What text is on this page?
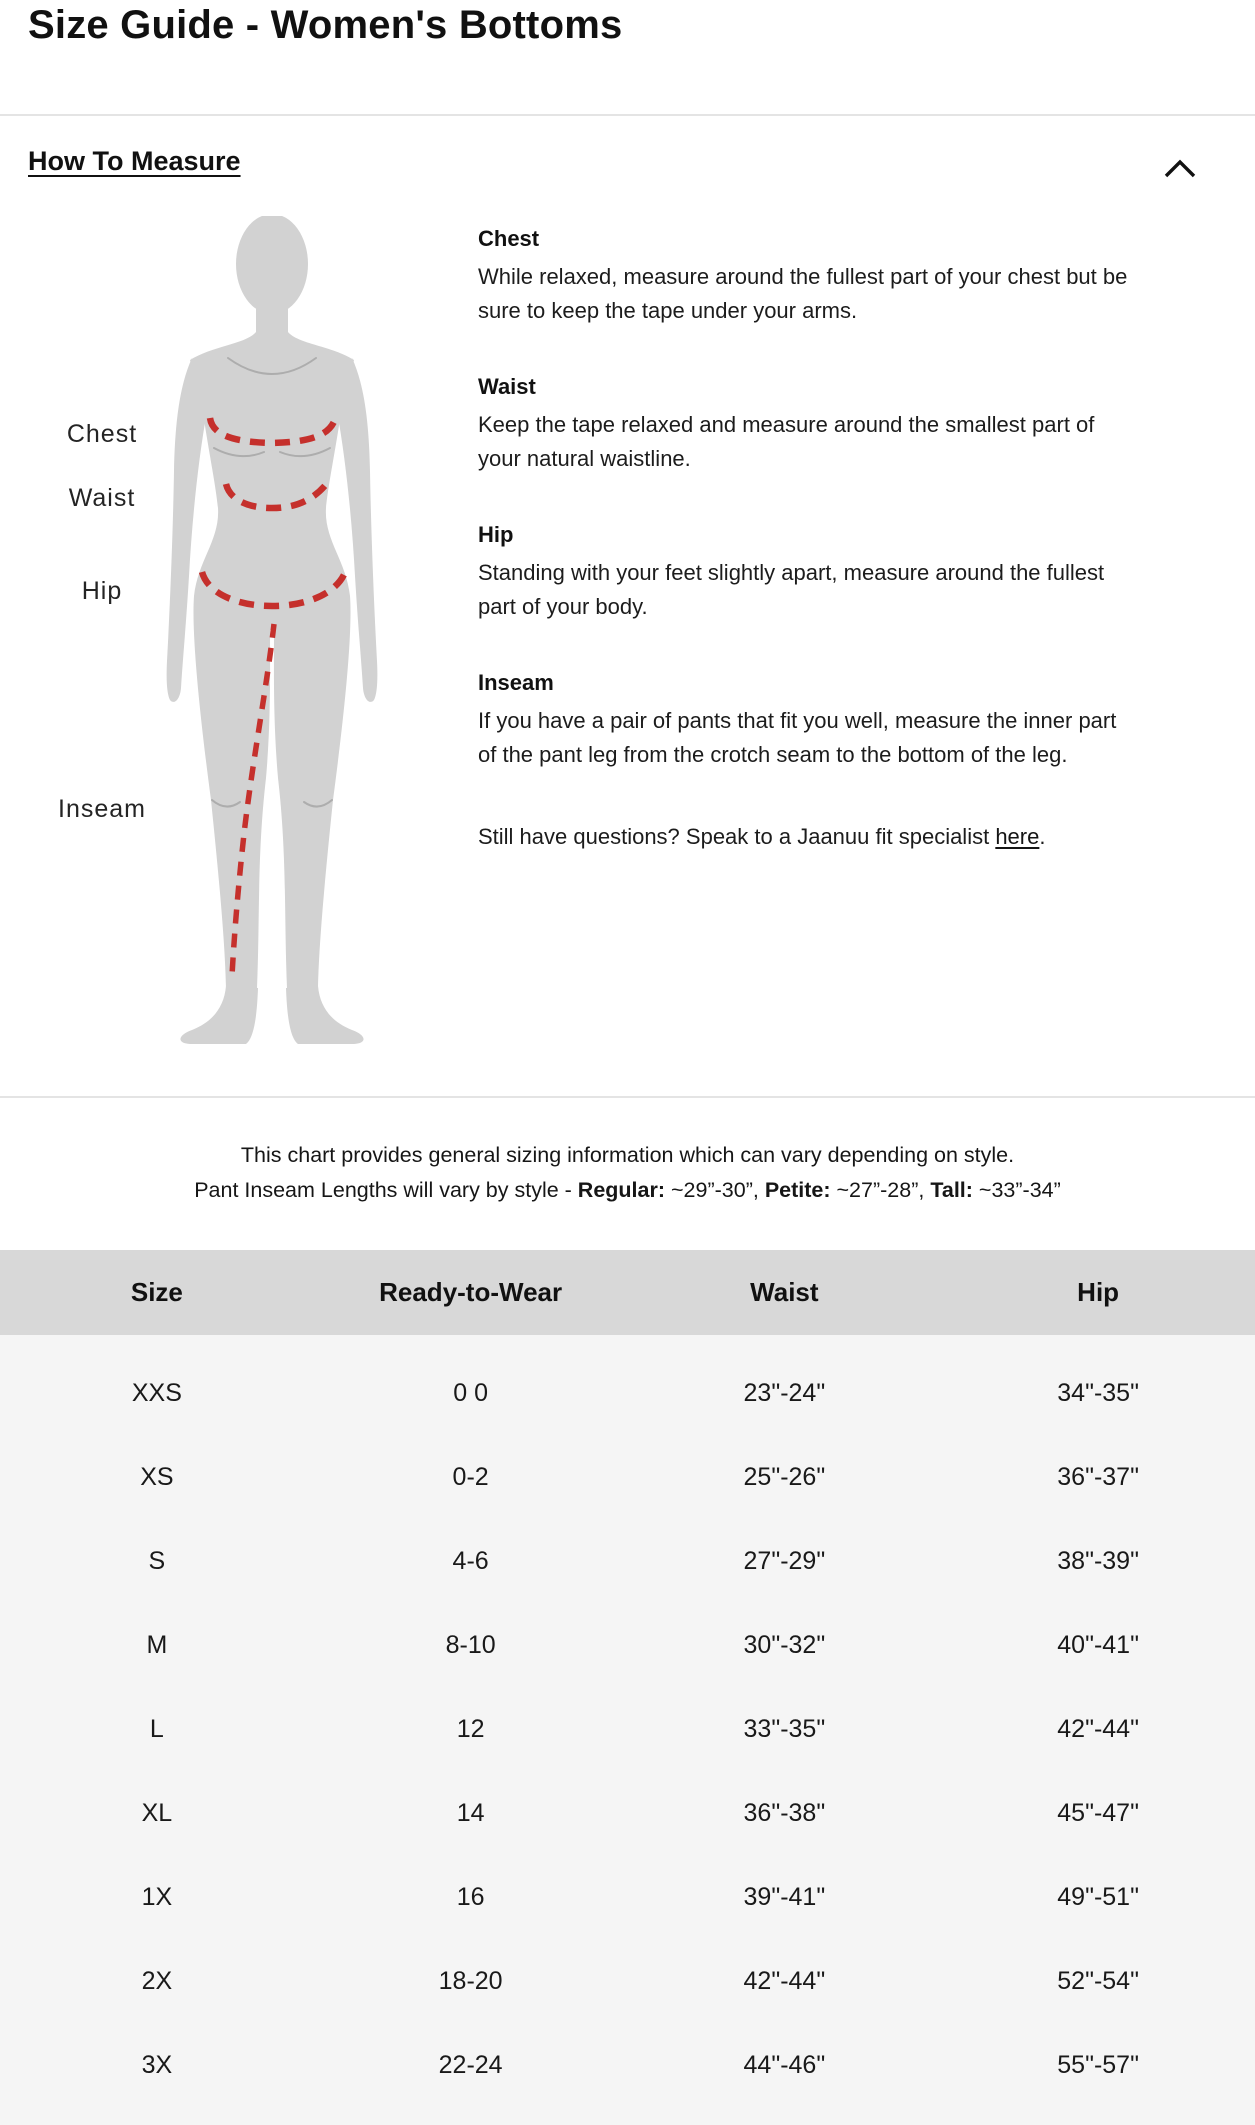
Size Guide - Women's Bottoms
How To Measure
Chest
Waist
Hip
Inseam
Chest
While relaxed, measure around the fullest part of your chest but be
sure to keep the tape under your arms.
Waist
Keep the tape relaxed and measure around the smallest part of
your natural waistline.
Hip
Standing with your feet slightly apart, measure around the fullest
part of your body.
Inseam
If you have a pair of pants that fit you well, measure the inner part
of the pant leg from the crotch seam to the bottom of the leg.
Still have questions? Speak to a Jaanuu fit specialist here.
This chart provides general sizing information which can vary depending on style.
Pant Inseam Lengths will vary by style - Regular: ~29”-30”, Petite: ~27”-28”, Tall: ~33”-34”
Size	Ready-to-Wear	Waist	Hip
XXS	0 0	23"-24"	34"-35"
XS	0-2	25"-26"	36"-37"
S	4-6	27"-29"	38"-39"
M	8-10	30"-32"	40"-41"
L	12	33"-35"	42"-44"
XL	14	36"-38"	45"-47"
1X	16	39"-41"	49"-51"
2X	18-20	42"-44"	52"-54"
3X	22-24	44"-46"	55"-57"
